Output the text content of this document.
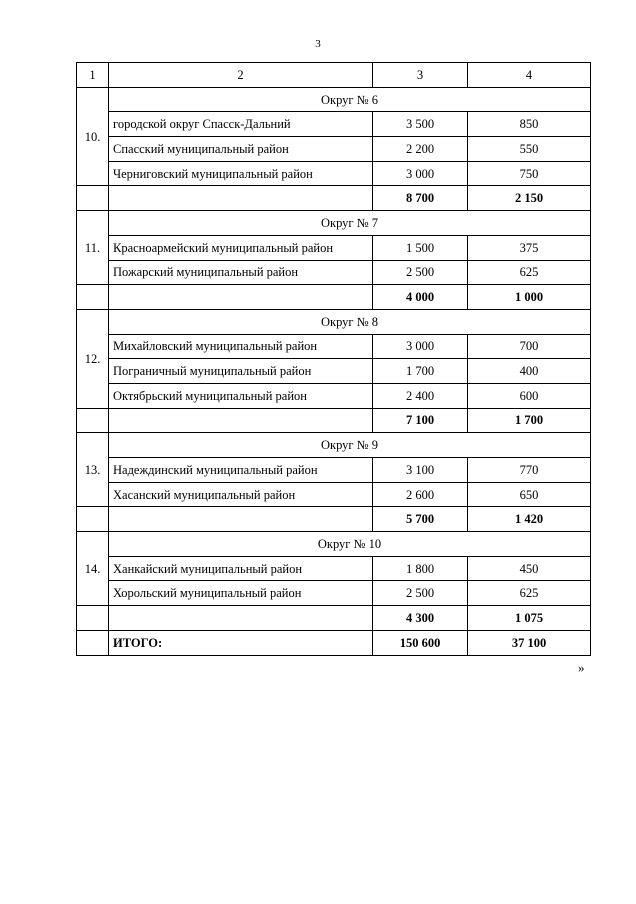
3
1	2	3	4
10.	Округ № 6		
	городской округ Спасск-Дальний	3 500	850
	Спасский муниципальный район	2 200	550
	Черниговский муниципальный район	3 000	750
		8 700	2 150
11.	Округ № 7		
	Красноармейский муниципальный район	1 500	375
	Пожарский муниципальный район	2 500	625
		4 000	1 000
12.	Округ № 8		
	Михайловский муниципальный район	3 000	700
	Пограничный муниципальный район	1 700	400
	Октябрьский муниципальный район	2 400	600
		7 100	1 700
13.	Округ № 9		
	Надеждинский муниципальный район	3 100	770
	Хасанский муниципальный район	2 600	650
		5 700	1 420
14.	Округ № 10		
	Ханкайский муниципальный район	1 800	450
	Хорольский муниципальный район	2 500	625
		4 300	1 075
	ИТОГО:	150 600	37 100
»
